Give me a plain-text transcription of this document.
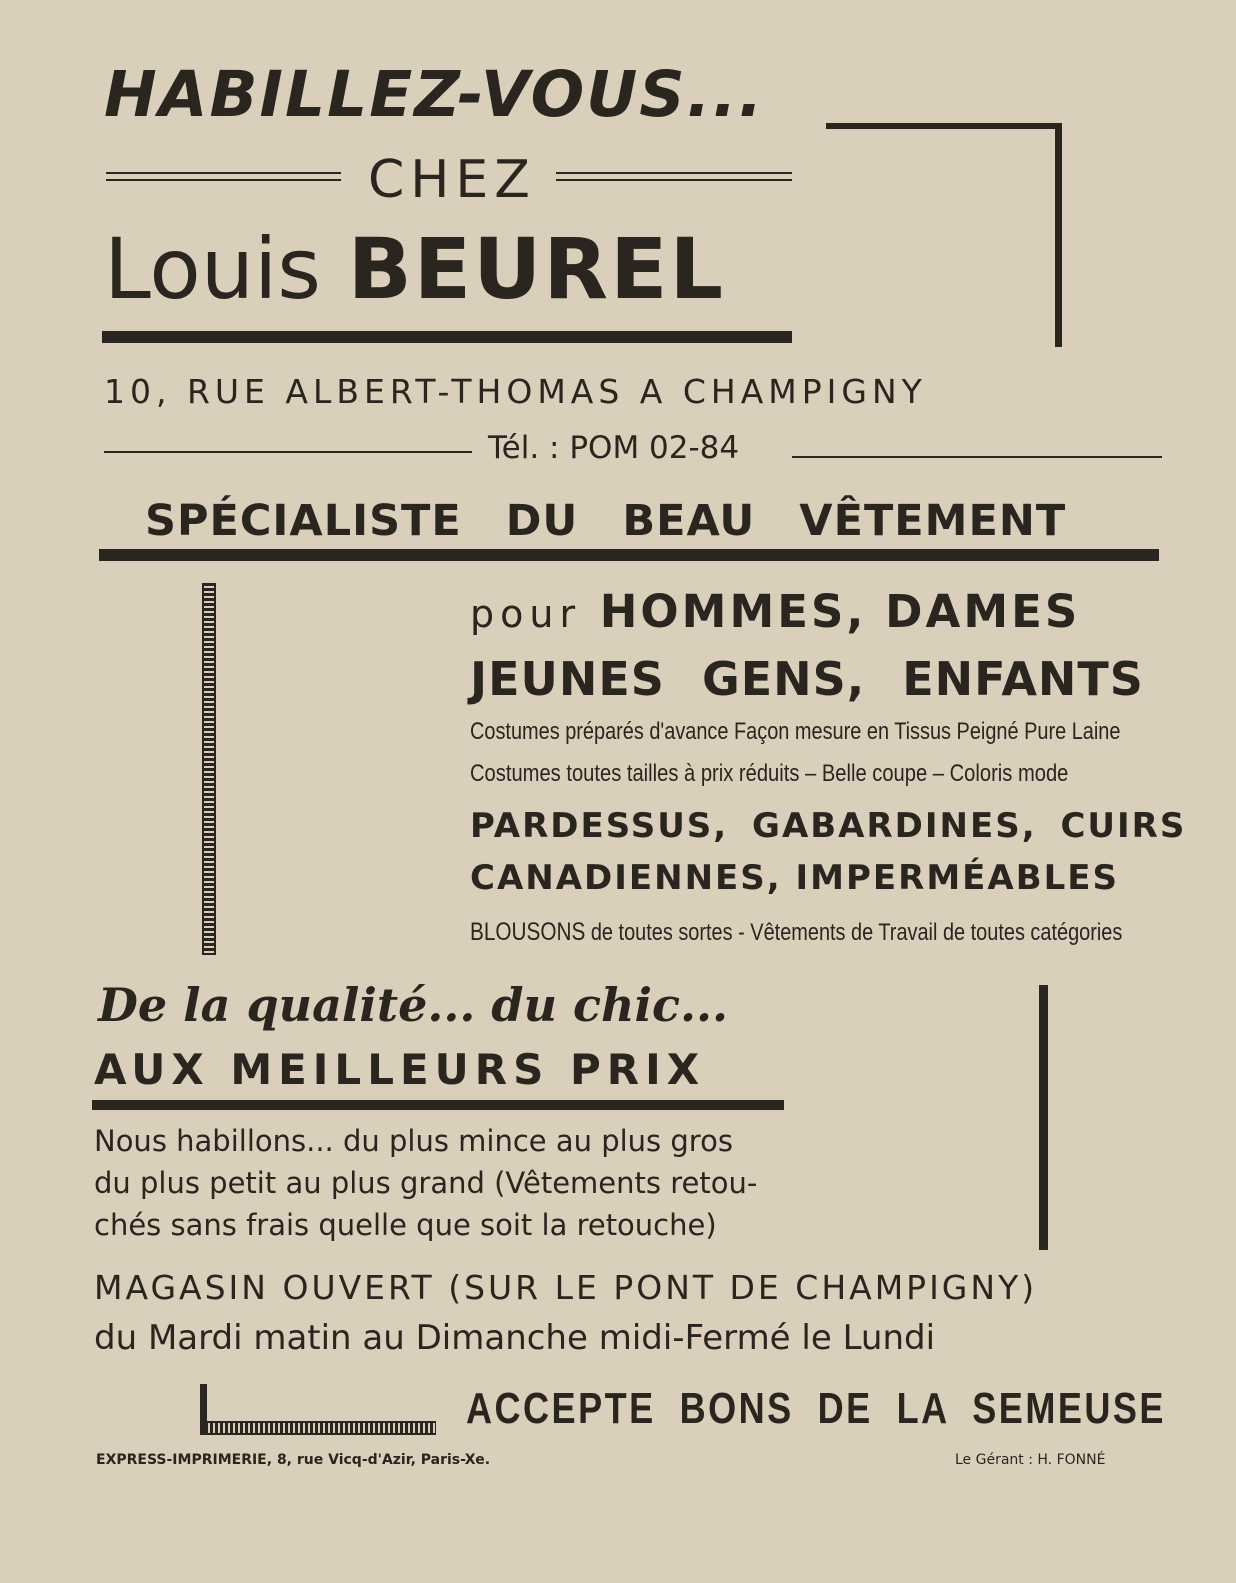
HABILLEZ-VOUS...
CHEZ
Louis BEUREL
10, RUE ALBERT-THOMAS A CHAMPIGNY
Tél. : POM 02-84
SPÉCIALISTE DU BEAU VÊTEMENT
pour HOMMES, DAMES
JEUNES GENS, ENFANTS
Costumes préparés d'avance Façon mesure en Tissus Peigné Pure Laine
Costumes toutes tailles à prix réduits – Belle coupe – Coloris mode
PARDESSUS, GABARDINES, CUIRS
CANADIENNES, IMPERMÉABLES
BLOUSONS de toutes sortes - Vêtements de Travail de toutes catégories
De la qualité... du chic...
AUX MEILLEURS PRIX
Nous habillons... du plus mince au plus gros
du plus petit au plus grand (Vêtements retou-
chés sans frais quelle que soit la retouche)
MAGASIN OUVERT (SUR LE PONT DE CHAMPIGNY)
du Mardi matin au Dimanche midi-Fermé le Lundi
ACCEPTE BONS DE LA SEMEUSE
EXPRESS-IMPRIMERIE, 8, rue Vicq-d'Azir, Paris-Xe.	Le Gérant : H. FONNÉ
